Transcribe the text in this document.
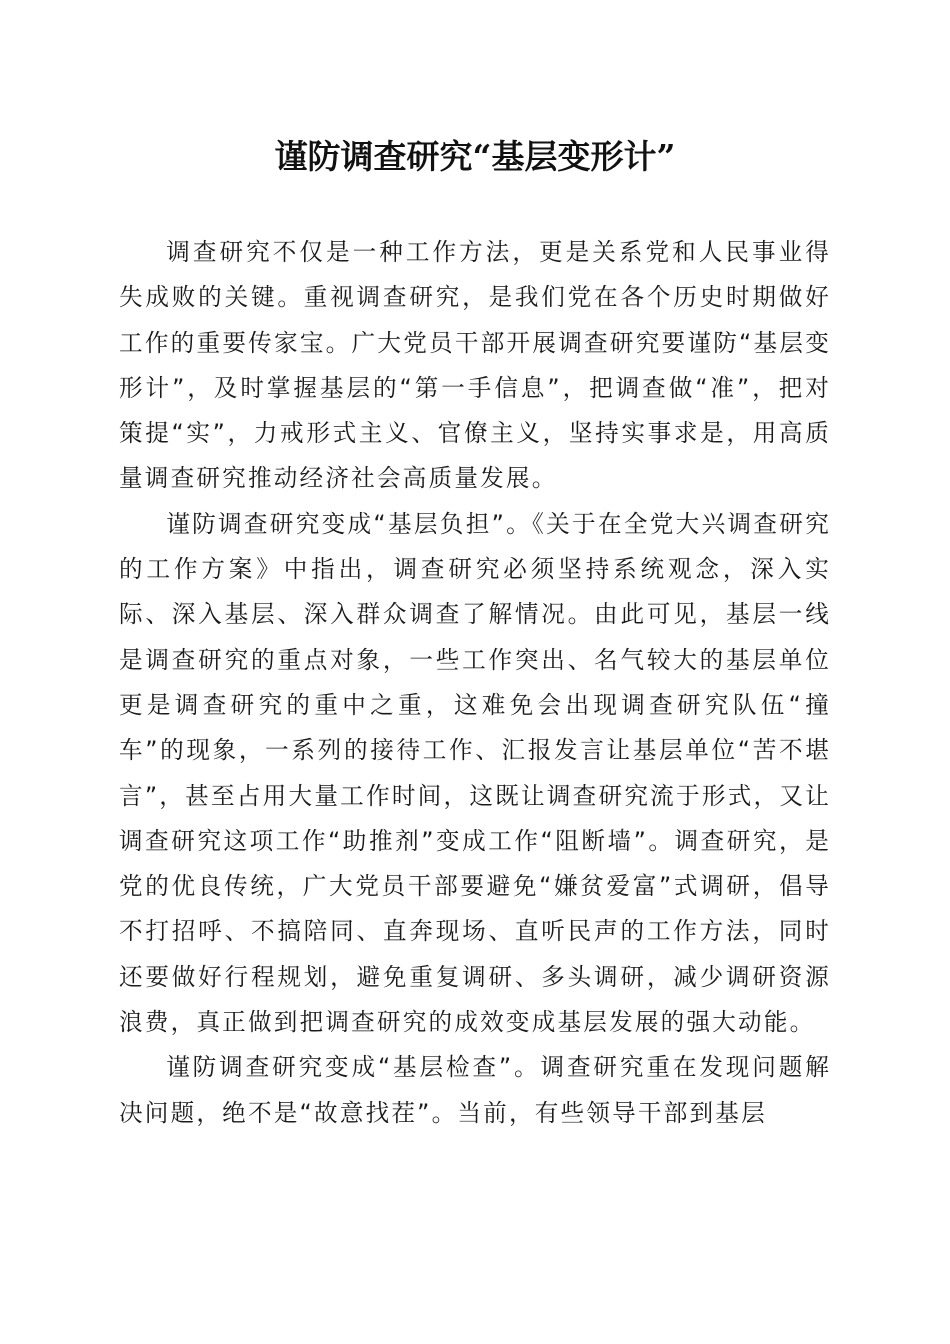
谨防调查研究“基层变形计”

调查研究不仅是一种工作方法，更是关系党和人民事业得失成败的关键。重视调查研究，是我们党在各个历史时期做好工作的重要传家宝。广大党员干部开展调查研究要谨防“基层变形计”，及时掌握基层的“第一手信息”，把调查做“准”，把对策提“实”，力戒形式主义、官僚主义，坚持实事求是，用高质量调查研究推动经济社会高质量发展。

谨防调查研究变成“基层负担”。《关于在全党大兴调查研究的工作方案》中指出，调查研究必须坚持系统观念，深入实际、深入基层、深入群众调查了解情况。由此可见，基层一线是调查研究的重点对象，一些工作突出、名气较大的基层单位更是调查研究的重中之重，这难免会出现调查研究队伍“撞车”的现象，一系列的接待工作、汇报发言让基层单位“苦不堪言”，甚至占用大量工作时间，这既让调查研究流于形式，又让调查研究这项工作“助推剂”变成工作“阻断墙”。调查研究，是党的优良传统，广大党员干部要避免“嫌贫爱富”式调研，倡导不打招呼、不搞陪同、直奔现场、直听民声的工作方法，同时还要做好行程规划，避免重复调研、多头调研，减少调研资源浪费，真正做到把调查研究的成效变成基层发展的强大动能。

谨防调查研究变成“基层检查”。调查研究重在发现问题解决问题，绝不是“故意找茬”。当前，有些领导干部到基层
